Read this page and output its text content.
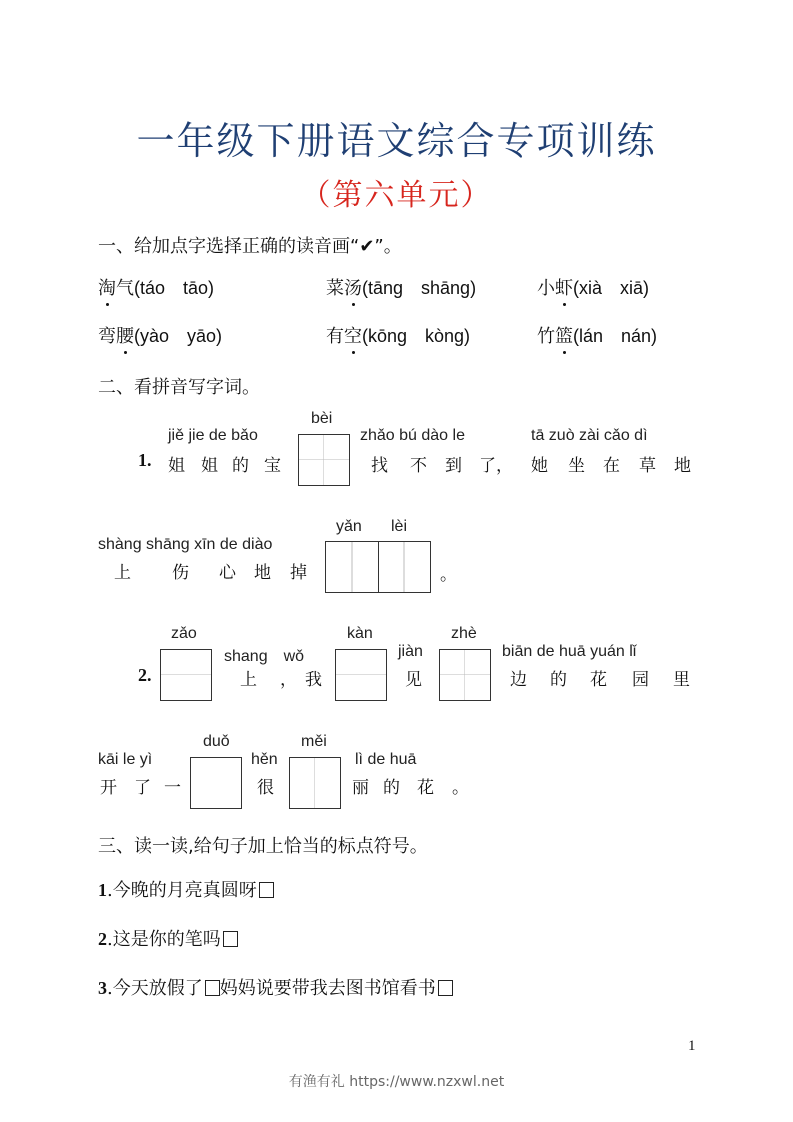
一年级下册语文综合专项训练
（第六单元）
一、给加点字选择正确的读音画“✔”。
淘气(táo　tāo)	菜汤(tāng　shāng)	小虾(xià　xiā)
弯腰(yào　yāo)	有空(kōng　kòng)	竹篮(lán　nán)
二、看拼音写字词。
jiě jie de bǎo
1. 姐 姐 的 宝
bèi
zhǎo bú dào le
找 不 到 了 ，
tā zuò zài cǎo dì
她 坐 在 草 地
shàng shāng xīn de diào
上 伤 心 地 掉
yǎn lèi
。
zǎo
2.
shang　wǒ
上 ， 我
kàn
jiàn
见
zhè
biān de huā yuán lǐ
边 的 花 园 里
kāi le yì
开 了 一
duǒ
hěn
很
měi
lì de huā
丽 的 花 。
三、读一读,给句子加上恰当的标点符号。
1.今晚的月亮真圆呀
2.这是你的笔吗
3.今天放假了 妈妈说要带我去图书馆看书
1
有渔有礼 https://www.nzxwl.net
